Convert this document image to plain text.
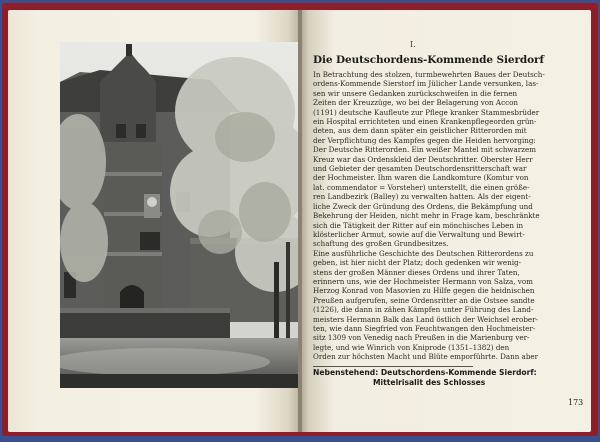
I.
Die Deutschordens-Kommende Sierdorf
In Betrachtung des stolzen, turmbewehrten Baues der Deutsch-
ordens-Kommende Sierstorf im Jülicher Lande versunken, las-
sen wir unsere Gedanken zurückschweifen in die fernen
Zeiten der Kreuzzüge, wo bei der Belagerung von Accon
(1191) deutsche Kaufleute zur Pflege kranker Stammesbrüder
ein Hospital errichteten und einen Krankenpflegeorden grün-
deten, aus dem dann später ein geistlicher Ritterorden mit
der Verpflichtung des Kampfes gegen die Heiden hervorging:
Der Deutsche Ritterorden. Ein weißer Mantel mit schwarzem
Kreuz war das Ordenskleid der Deutschritter. Oberster Herr
und Gebieter der gesamten Deutschordensritterschaft war
der Hochmeister. Ihm waren die Landkomture (Komtur von
lat. commendator = Vorsteher) unterstellt, die einen größe-
ren Landbezirk (Balley) zu verwalten hatten. Als der eigent-
liche Zweck der Gründung des Ordens, die Bekämpfung und
Bekehrung der Heiden, nicht mehr in Frage kam, beschränkte
sich die Tätigkeit der Ritter auf ein mönchisches Leben in
klösterlicher Armut, sowie auf die Verwaltung und Bewirt-
schaftung des großen Grundbesitzes.
Eine ausführliche Geschichte des Deutschen Ritterordens zu
geben, ist hier nicht der Platz; doch gedenken wir wenig-
stens der großen Männer dieses Ordens und ihrer Taten,
erinnern uns, wie der Hochmeister Hermann von Salza, vom
Herzog Konrad von Masovien zu Hilfe gegen die heidnischen
Preußen aufgerufen, seine Ordensritter an die Ostsee sandte
(1226), die dann in zähen Kämpfen unter Führung des Land-
meisters Hermann Balk das Land östlich der Weichsel erober-
ten, wie dann Siegfried von Feuchtwangen den Hochmeister-
sitz 1309 von Venedig nach Preußen in die Marienburg ver-
legte, und wie Winrich von Kniprode (1351–1382) den
Orden zur höchsten Macht und Blüte emporführte. Dann aber
Nebenstehend: Deutschordens-Kommende Sierdorf:
Mittelrisalit des Schlosses
173
